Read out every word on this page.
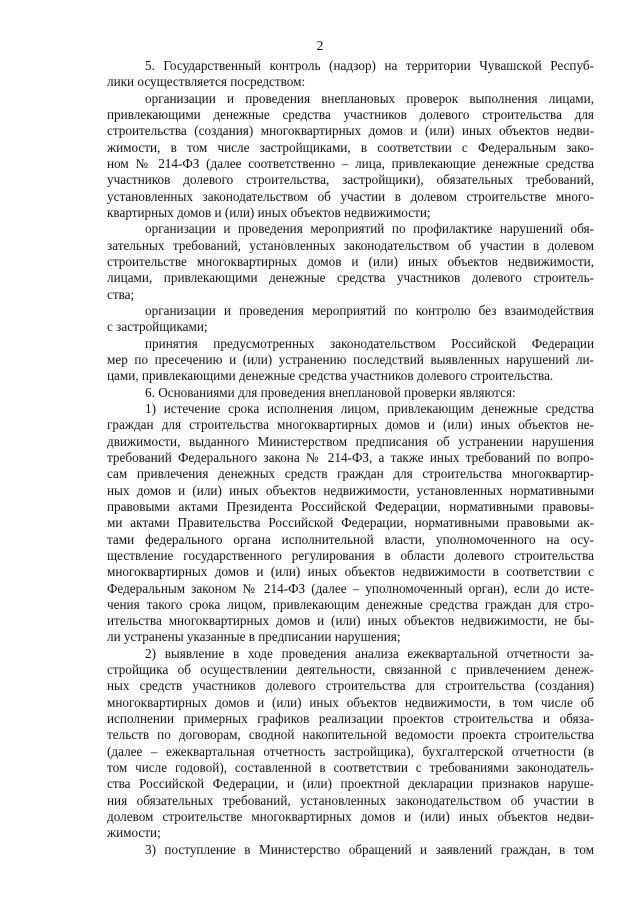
2
5. Государственный контроль (надзор) на территории Чувашской Респуб-
лики осуществляется посредством:
организации и проведения внеплановых проверок выполнения лицами,
привлекающими денежные средства участников долевого строительства для
строительства (создания) многоквартирных домов и (или) иных объектов недви-
жимости, в том числе застройщиками, в соответствии с Федеральным зако-
ном № 214-ФЗ (далее соответственно – лица, привлекающие денежные средства
участников долевого строительства, застройщики), обязательных требований,
установленных законодательством об участии в долевом строительстве много-
квартирных домов и (или) иных объектов недвижимости;
организации и проведения мероприятий по профилактике нарушений обя-
зательных требований, установленных законодательством об участии в долевом
строительстве многоквартирных домов и (или) иных объектов недвижимости,
лицами, привлекающими денежные средства участников долевого строитель-
ства;
организации и проведения мероприятий по контролю без взаимодействия
с застройщиками;
принятия предусмотренных законодательством Российской Федерации
мер по пресечению и (или) устранению последствий выявленных нарушений ли-
цами, привлекающими денежные средства участников долевого строительства.
6. Основаниями для проведения внеплановой проверки являются:
1) истечение срока исполнения лицом, привлекающим денежные средства
граждан для строительства многоквартирных домов и (или) иных объектов не-
движимости, выданного Министерством предписания об устранении нарушения
требований Федерального закона № 214-ФЗ, а также иных требований по вопро-
сам привлечения денежных средств граждан для строительства многоквартир-
ных домов и (или) иных объектов недвижимости, установленных нормативными
правовыми актами Президента Российской Федерации, нормативными правовы-
ми актами Правительства Российской Федерации, нормативными правовыми ак-
тами федерального органа исполнительной власти, уполномоченного на осу-
ществление государственного регулирования в области долевого строительства
многоквартирных домов и (или) иных объектов недвижимости в соответствии с
Федеральным законом № 214-ФЗ (далее – уполномоченный орган), если до исте-
чения такого срока лицом, привлекающим денежные средства граждан для стро-
ительства многоквартирных домов и (или) иных объектов недвижимости, не бы-
ли устранены указанные в предписании нарушения;
2) выявление в ходе проведения анализа ежеквартальной отчетности за-
стройщика об осуществлении деятельности, связанной с привлечением денеж-
ных средств участников долевого строительства для строительства (создания)
многоквартирных домов и (или) иных объектов недвижимости, в том числе об
исполнении примерных графиков реализации проектов строительства и обяза-
тельств по договорам, сводной накопительной ведомости проекта строительства
(далее – ежеквартальная отчетность застройщика), бухгалтерской отчетности (в
том числе годовой), составленной в соответствии с требованиями законодатель-
ства Российской Федерации, и (или) проектной декларации признаков наруше-
ния обязательных требований, установленных законодательством об участии в
долевом строительстве многоквартирных домов и (или) иных объектов недви-
жимости;
3) поступление в Министерство обращений и заявлений граждан, в том
